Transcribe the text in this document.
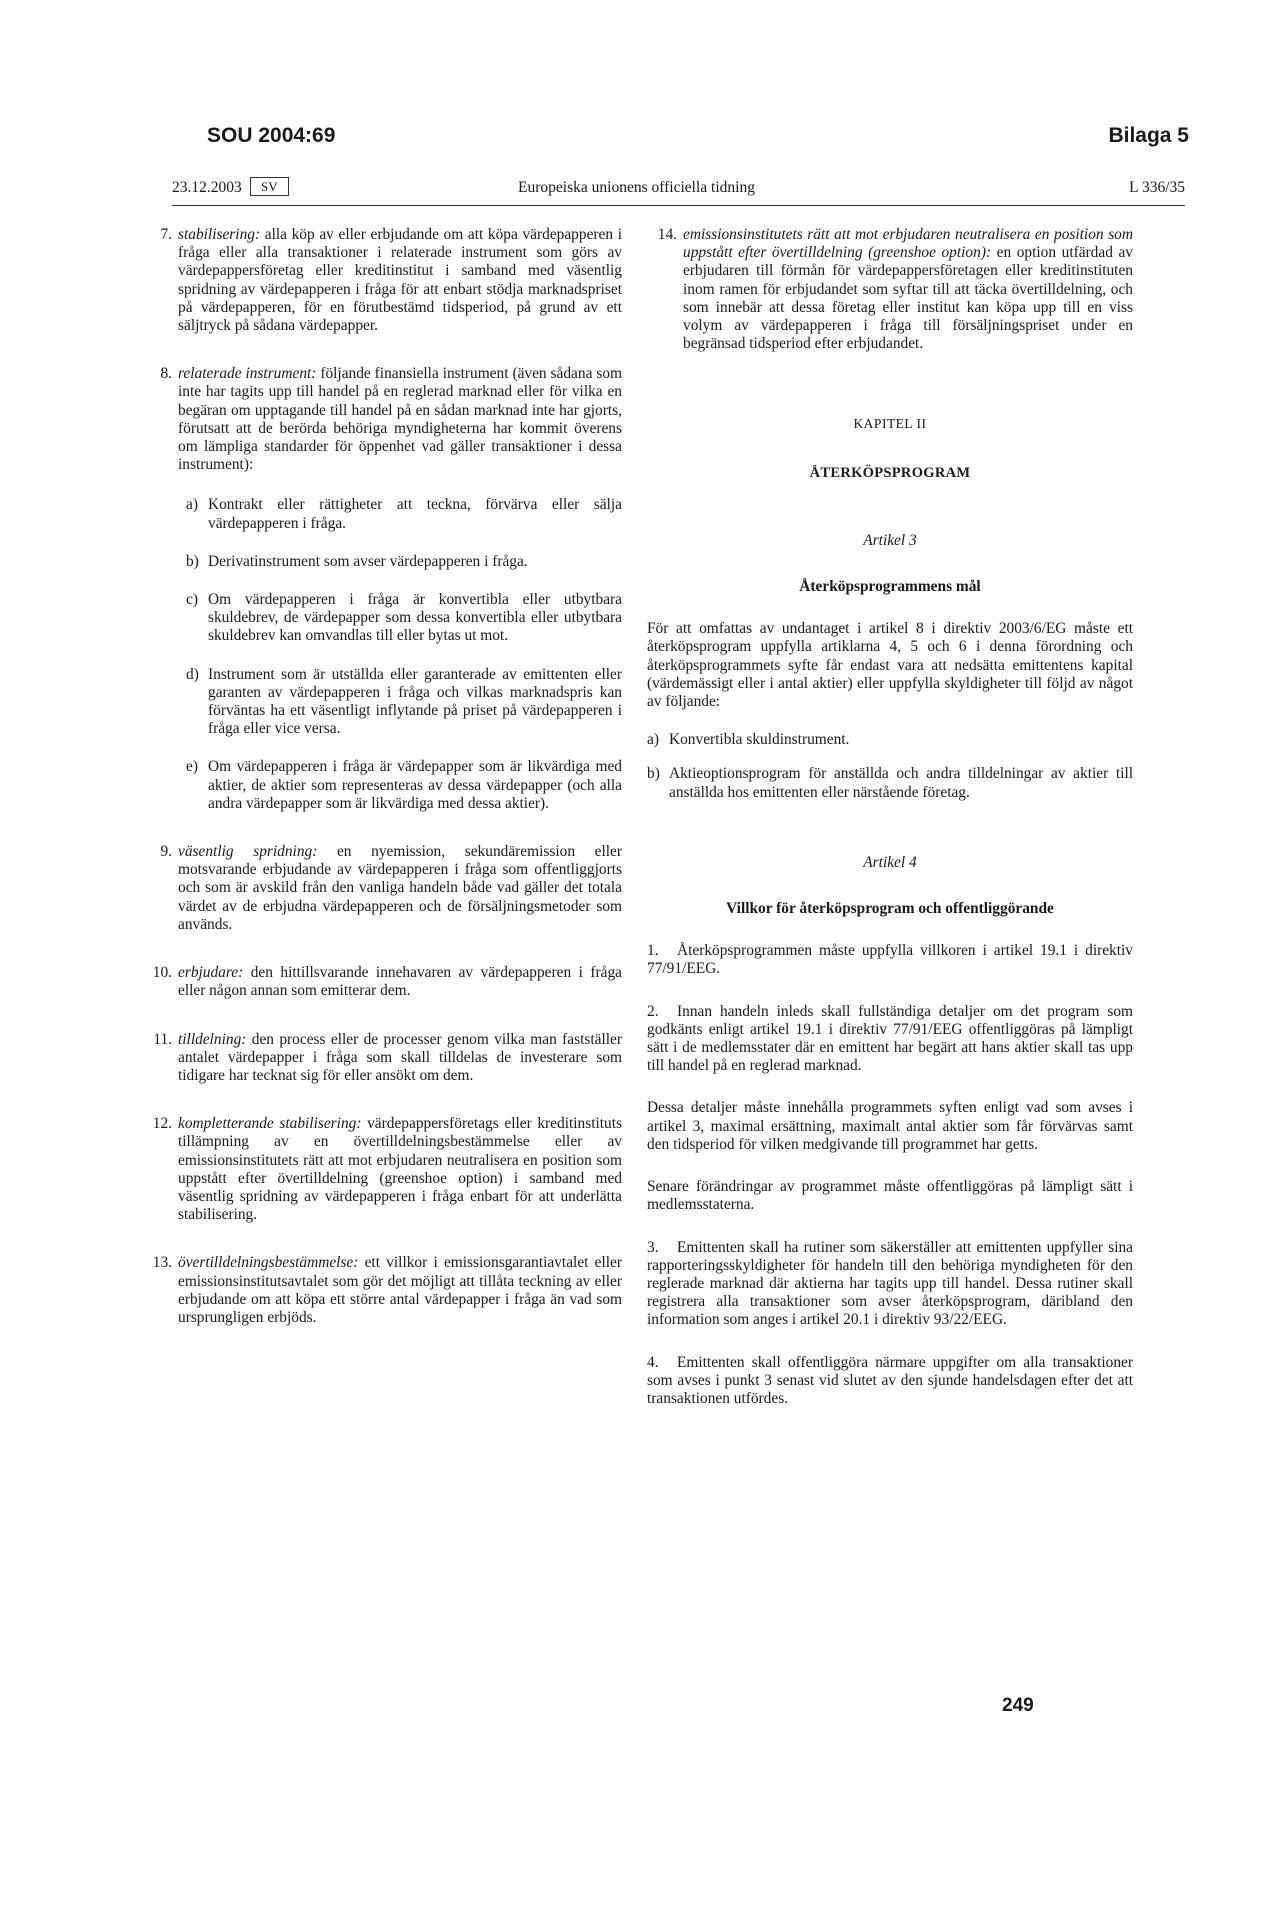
SOU 2004:69	Bilaga 5
23.12.2003	SV	Europeiska unionens officiella tidning	L 336/35
7. stabilisering: alla köp av eller erbjudande om att köpa värdepapperen i fråga eller alla transaktioner i relaterade instrument som görs av värdepappersföretag eller kreditinstitut i samband med väsentlig spridning av värdepapperen i fråga för att enbart stödja marknadspriset på värdepapperen, för en förutbestämd tidsperiod, på grund av ett säljtryck på sådana värdepapper.
8. relaterade instrument: följande finansiella instrument (även sådana som inte har tagits upp till handel på en reglerad marknad eller för vilka en begäran om upptagande till handel på en sådan marknad inte har gjorts, förutsatt att de berörda behöriga myndigheterna har kommit överens om lämpliga standarder för öppenhet vad gäller transaktioner i dessa instrument):
a) Kontrakt eller rättigheter att teckna, förvärva eller sälja värdepapperen i fråga.
b) Derivatinstrument som avser värdepapperen i fråga.
c) Om värdepapperen i fråga är konvertibla eller utbytbara skuldebrev, de värdepapper som dessa konvertibla eller utbytbara skuldebrev kan omvandlas till eller bytas ut mot.
d) Instrument som är utställda eller garanterade av emittenten eller garanten av värdepapperen i fråga och vilkas marknadspris kan förväntas ha ett väsentligt inflytande på priset på värdepapperen i fråga eller vice versa.
e) Om värdepapperen i fråga är värdepapper som är likvärdiga med aktier, de aktier som representeras av dessa värdepapper (och alla andra värdepapper som är likvärdiga med dessa aktier).
9. väsentlig spridning: en nyemission, sekundäremission eller motsvarande erbjudande av värdepapperen i fråga som offentliggjorts och som är avskild från den vanliga handeln både vad gäller det totala värdet av de erbjudna värdepapperen och de försäljningsmetoder som används.
10. erbjudare: den hittillsvarande innehavaren av värdepapperen i fråga eller någon annan som emitterar dem.
11. tilldelning: den process eller de processer genom vilka man fastställer antalet värdepapper i fråga som skall tilldelas de investerare som tidigare har tecknat sig för eller ansökt om dem.
12. kompletterande stabilisering: värdepappersföretags eller kreditinstituts tillämpning av en övertilldelningsbestämmelse eller av emissionsinstitutets rätt att mot erbjudaren neutralisera en position som uppstått efter övertilldelning (greenshoe option) i samband med väsentlig spridning av värdepapperen i fråga enbart för att underlätta stabilisering.
13. övertilldelningsbestämmelse: ett villkor i emissionsgarantiavtalet eller emissionsinstitutsavtalet som gör det möjligt att tillåta teckning av eller erbjudande om att köpa ett större antal värdepapper i fråga än vad som ursprungligen erbjöds.
14. emissionsinstitutets rätt att mot erbjudaren neutralisera en position som uppstått efter övertilldelning (greenshoe option): en option utfärdad av erbjudaren till förmån för värdepappersföretagen eller kreditinstituten inom ramen för erbjudandet som syftar till att täcka övertilldelning, och som innebär att dessa företag eller institut kan köpa upp till en viss volym av värdepapperen i fråga till försäljningspriset under en begränsad tidsperiod efter erbjudandet.
KAPITEL II
ÅTERKÖPSPROGRAM
Artikel 3
Återköpsprogrammens mål
För att omfattas av undantaget i artikel 8 i direktiv 2003/6/EG måste ett återköpsprogram uppfylla artiklarna 4, 5 och 6 i denna förordning och återköpsprogrammets syfte får endast vara att nedsätta emittentens kapital (värdemässigt eller i antal aktier) eller uppfylla skyldigheter till följd av något av följande:
a) Konvertibla skuldinstrument.
b) Aktieoptionsprogram för anställda och andra tilldelningar av aktier till anställda hos emittenten eller närstående företag.
Artikel 4
Villkor för återköpsprogram och offentliggörande
1. Återköpsprogrammen måste uppfylla villkoren i artikel 19.1 i direktiv 77/91/EEG.
2. Innan handeln inleds skall fullständiga detaljer om det program som godkänts enligt artikel 19.1 i direktiv 77/91/EEG offentliggöras på lämpligt sätt i de medlemsstater där en emittent har begärt att hans aktier skall tas upp till handel på en reglerad marknad.
Dessa detaljer måste innehålla programmets syften enligt vad som avses i artikel 3, maximal ersättning, maximalt antal aktier som får förvärvas samt den tidsperiod för vilken medgivande till programmet har getts.
Senare förändringar av programmet måste offentliggöras på lämpligt sätt i medlemsstaterna.
3. Emittenten skall ha rutiner som säkerställer att emittenten uppfyller sina rapporteringsskyldigheter för handeln till den behöriga myndigheten för den reglerade marknad där aktierna har tagits upp till handel. Dessa rutiner skall registrera alla transaktioner som avser återköpsprogram, däribland den information som anges i artikel 20.1 i direktiv 93/22/EEG.
4. Emittenten skall offentliggöra närmare uppgifter om alla transaktioner som avses i punkt 3 senast vid slutet av den sjunde handelsdagen efter det att transaktionen utfördes.
249
